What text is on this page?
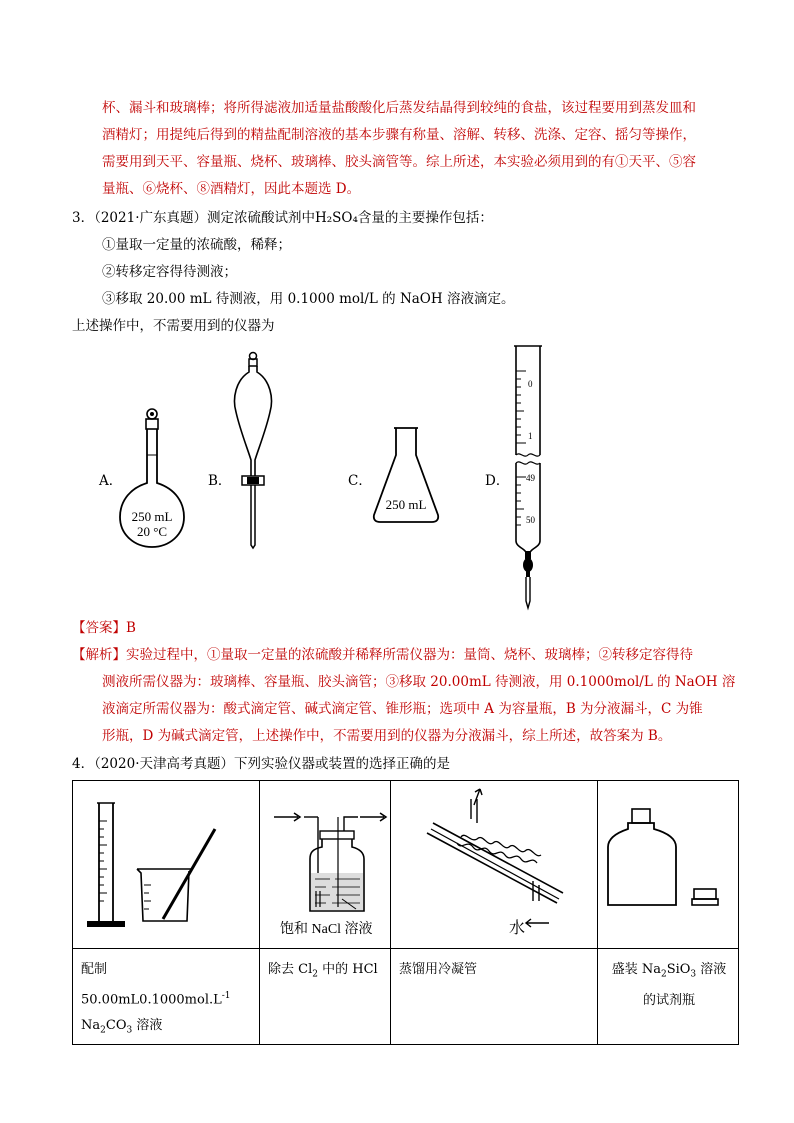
杯、漏斗和玻璃棒；将所得滤液加适量盐酸酸化后蒸发结晶得到较纯的食盐，该过程要用到蒸发皿和
酒精灯；用提纯后得到的精盐配制溶液的基本步骤有称量、溶解、转移、洗涤、定容、摇匀等操作，
需要用到天平、容量瓶、烧杯、玻璃棒、胶头滴管等。综上所述，本实验必须用到的有①天平、⑤容
量瓶、⑥烧杯、⑧酒精灯，因此本题选 D。
3．（2021·广东真题）测定浓硫酸试剂中H₂SO₄含量的主要操作包括：
①量取一定量的浓硫酸，稀释；
②转移定容得待测液；
③移取 20.00 mL 待测液，用 0.1000 mol/L 的 NaOH 溶液滴定。
上述操作中，不需要用到的仪器为
A．	B．	C．	D．
250 mL
20 °C
250 mL
0
1
49
50
【答案】B
【解析】实验过程中，①量取一定量的浓硫酸并稀释所需仪器为：量筒、烧杯、玻璃棒；②转移定容得待
测液所需仪器为：玻璃棒、容量瓶、胶头滴管；③移取 20.00mL 待测液，用 0.1000mol/L 的 NaOH 溶
液滴定所需仪器为：酸式滴定管、碱式滴定管、锥形瓶；选项中 A 为容量瓶，B 为分液漏斗，C 为锥
形瓶，D 为碱式滴定管，上述操作中，不需要用到的仪器为分液漏斗，综上所述，故答案为 B。
4．（2020·天津高考真题）下列实验仪器或装置的选择正确的是

饱和 NaCl 溶液	水

配制 $50.00mL0.1000mol.L^{-1}$
$Na_2CO_3$ 溶液	除去 $Cl_2$ 中的 HCl	蒸馏用冷凝管	盛装 $Na_2SiO_3$ 溶液
的试剂瓶
